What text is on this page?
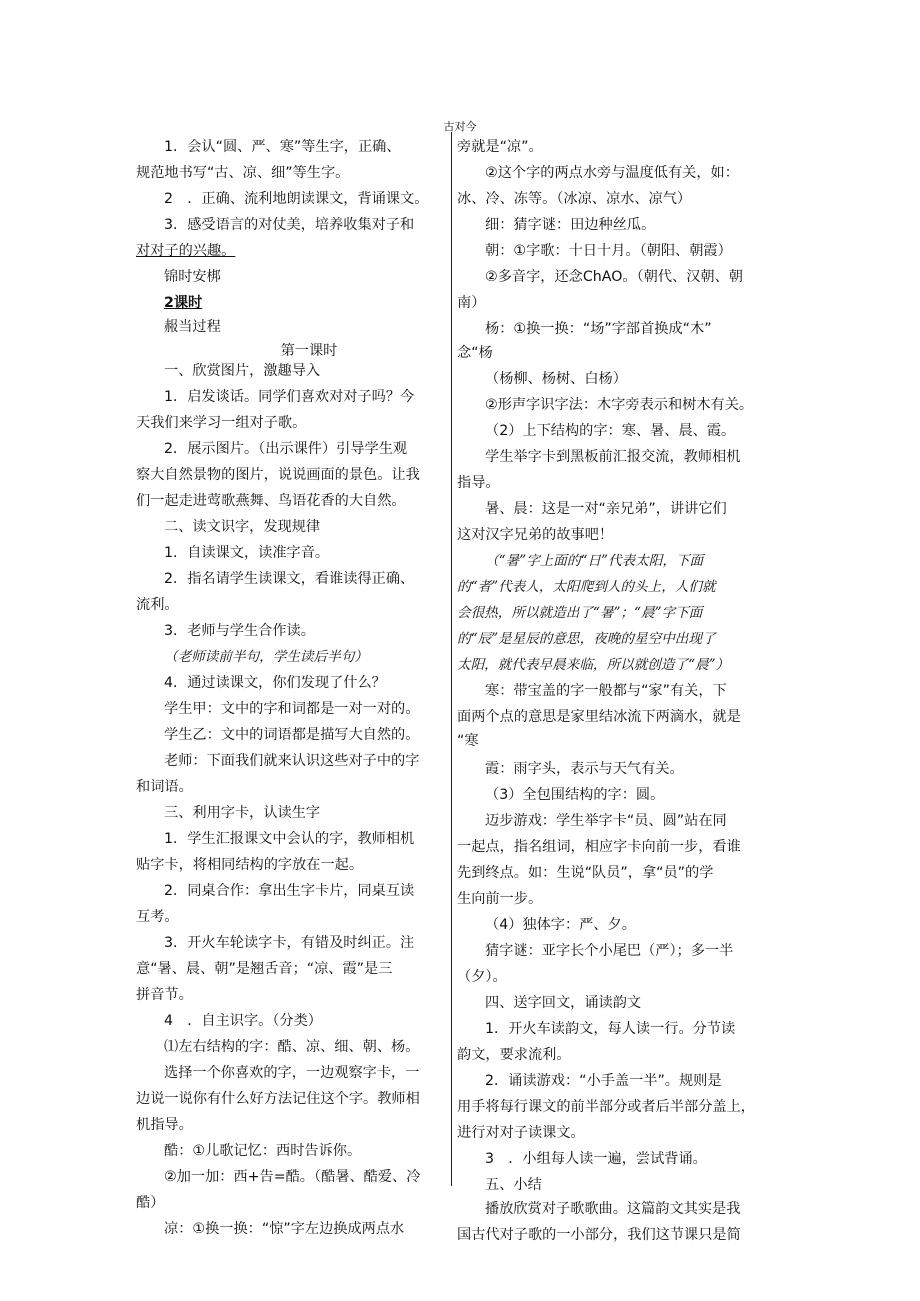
古对今
1．会认“圆、严、寒”等生字，正确、
规范地书写“古、凉、细”等生字。
2　．正确、流利地朗读课文，背诵课文。
3．感受语言的对仗美，培养收集对子和
对对子的兴趣。
锦时安梆
2课时
赧当过程
第一课时
一、欣赏图片，激趣导入
1．启发谈话。同学们喜欢对对子吗？今
天我们来学习一组对子歌。
2．展示图片。（出示课件）引导学生观
察大自然景物的图片，说说画面的景色。让我
们一起走进莺歌燕舞、鸟语花香的大自然。
二、读文识字，发现规律
1．自读课文，读准字音。
2．指名请学生读课文，看谁读得正确、
流利。
3．老师与学生合作读。
（老师读前半句，学生读后半句）
4．通过读课文，你们发现了什么？
学生甲：文中的字和词都是一对一对的。
学生乙：文中的词语都是描写大自然的。
老师：下面我们就来认识这些对子中的字
和词语。
三、利用字卡，认读生字
1．学生汇报课文中会认的字，教师相机
贴字卡，将相同结构的字放在一起。
2．同桌合作：拿出生字卡片，同桌互读
互考。
3．开火车轮读字卡，有错及时纠正。注
意“暑、晨、朝”是翘舌音；“凉、霞”是三
拼音节。
4　．自主识字。（分类）
⑴左右结构的字：酷、凉、细、朝、杨。
选择一个你喜欢的字，一边观察字卡，一
边说一说你有什么好方法记住这个字。教师相
机指导。
酷：①儿歌记忆：西时告诉你。
②加一加：西+告=酷。（酷暑、酷爱、冷
酷）
凉：①换一换：“惊”字左边换成两点水
旁就是“凉”。
②这个字的两点水旁与温度低有关，如：
冰、冷、冻等。（冰凉、凉水、凉气）
细：猜字谜：田边种丝瓜。
朝：①字歌：十日十月。（朝阳、朝霞）
②多音字，还念ChAO。（朝代、汉朝、朝
南）
杨：①换一换：“场”字部首换成“木”
念“杨
（杨柳、杨树、白杨）
②形声字识字法：木字旁表示和树木有关。
（2）上下结构的字：寒、暑、晨、霞。
学生举字卡到黑板前汇报交流，教师相机
指导。
暑、晨：这是一对“亲兄弟”，讲讲它们
这对汉字兄弟的故事吧！
（“暑”字上面的“日”代表太阳，下面
的“者”代表人，太阳爬到人的头上，人们就
会很热，所以就造出了“暑”；“晨”字下面
的“辰”是星辰的意思，夜晚的星空中出现了
太阳，就代表早晨来临，所以就创造了“晨”）
寒：带宝盖的字一般都与“家”有关，下
面两个点的意思是家里结冰流下两滴水，就是
“寒
霞：雨字头，表示与天气有关。
（3）全包围结构的字：圆。
迈步游戏：学生举字卡“员、圆”站在同
一起点，指名组词，相应字卡向前一步，看谁
先到终点。如：生说“队员”，拿“员”的学
生向前一步。
（4）独体字：严、夕。
猜字谜：亚字长个小尾巴（严）；多一半
（夕）。
四、送字回文，诵读韵文
1．开火车读韵文，每人读一行。分节读
韵文，要求流利。
2．诵读游戏：“小手盖一半”。规则是
用手将每行课文的前半部分或者后半部分盖上，
进行对对子读课文。
3　．小组每人读一遍，尝试背诵。
五、小结
播放欣赏对子歌歌曲。这篇韵文其实是我
国古代对子歌的一小部分，我们这节课只是简
